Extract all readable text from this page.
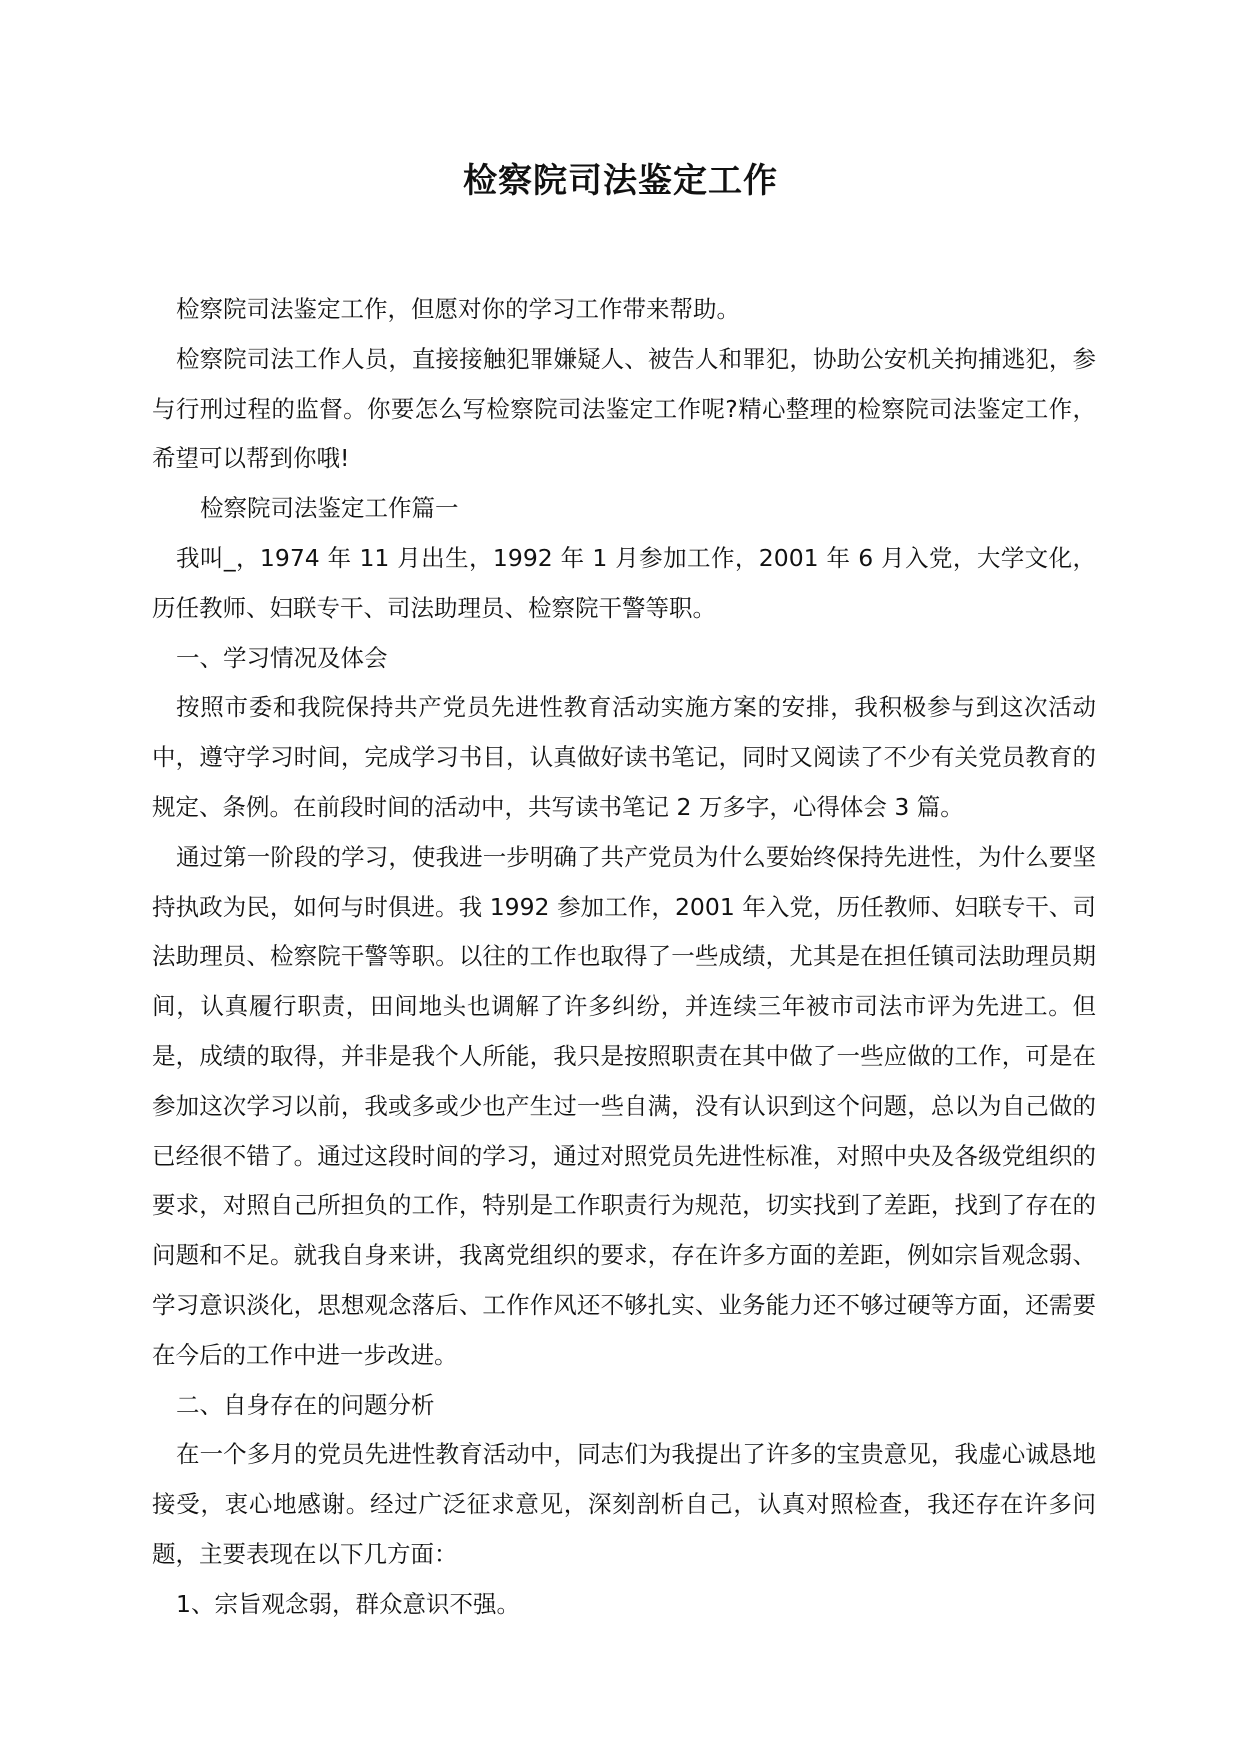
检察院司法鉴定工作

检察院司法鉴定工作，但愿对你的学习工作带来帮助。

检察院司法工作人员，直接接触犯罪嫌疑人、被告人和罪犯，协助公安机关拘捕逃犯，参与行刑过程的监督。你要怎么写检察院司法鉴定工作呢?精心整理的检察院司法鉴定工作，希望可以帮到你哦!

检察院司法鉴定工作篇一

我叫_，1974 年 11 月出生，1992 年 1 月参加工作，2001 年 6 月入党，大学文化，历任教师、妇联专干、司法助理员、检察院干警等职。

一、学习情况及体会

按照市委和我院保持共产党员先进性教育活动实施方案的安排，我积极参与到这次活动中，遵守学习时间，完成学习书目，认真做好读书笔记，同时又阅读了不少有关党员教育的规定、条例。在前段时间的活动中，共写读书笔记 2 万多字，心得体会 3 篇。

通过第一阶段的学习，使我进一步明确了共产党员为什么要始终保持先进性，为什么要坚持执政为民，如何与时俱进。我 1992 参加工作，2001 年入党，历任教师、妇联专干、司法助理员、检察院干警等职。以往的工作也取得了一些成绩，尤其是在担任镇司法助理员期间，认真履行职责，田间地头也调解了许多纠纷，并连续三年被市司法市评为先进工。但是，成绩的取得，并非是我个人所能，我只是按照职责在其中做了一些应做的工作，可是在参加这次学习以前，我或多或少也产生过一些自满，没有认识到这个问题，总以为自己做的已经很不错了。通过这段时间的学习，通过对照党员先进性标准，对照中央及各级党组织的要求，对照自己所担负的工作，特别是工作职责行为规范，切实找到了差距，找到了存在的问题和不足。就我自身来讲，我离党组织的要求，存在许多方面的差距，例如宗旨观念弱、学习意识淡化，思想观念落后、工作作风还不够扎实、业务能力还不够过硬等方面，还需要在今后的工作中进一步改进。

二、自身存在的问题分析

在一个多月的党员先进性教育活动中，同志们为我提出了许多的宝贵意见，我虚心诚恳地接受，衷心地感谢。经过广泛征求意见，深刻剖析自己，认真对照检查，我还存在许多问题，主要表现在以下几方面：

1、宗旨观念弱，群众意识不强。
